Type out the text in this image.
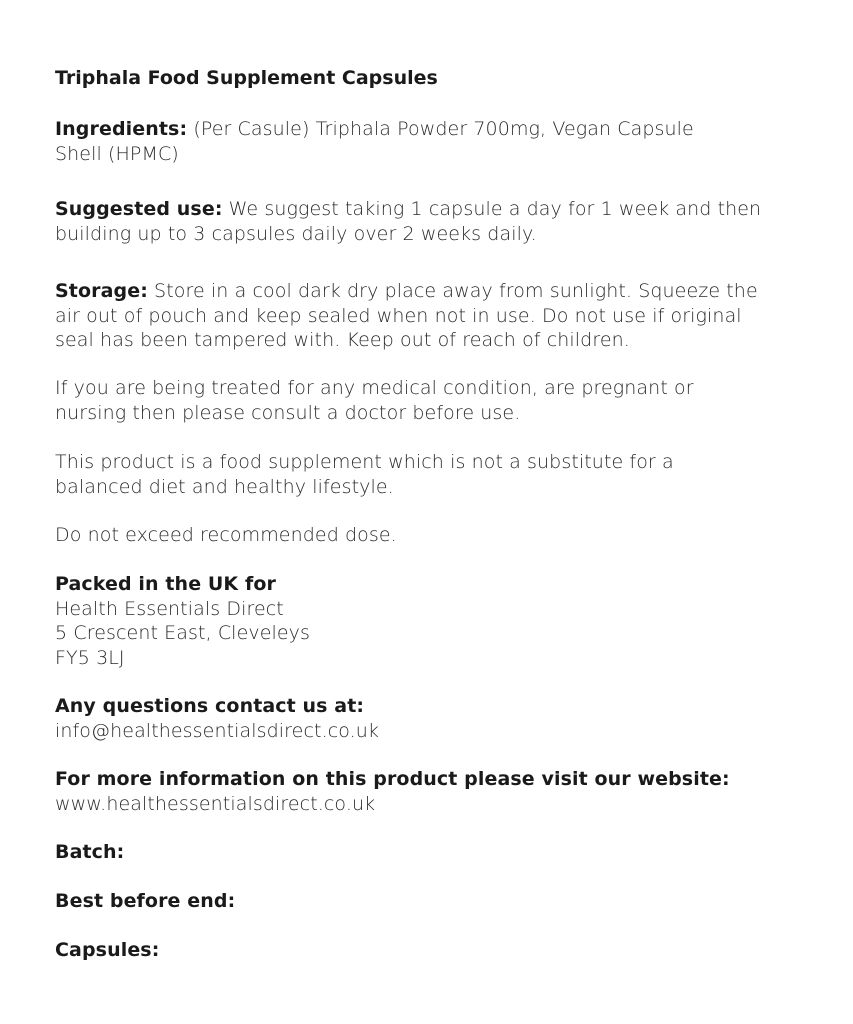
Triphala Food Supplement Capsules
Ingredients: (Per Casule) Triphala Powder 700mg, Vegan Capsule
Shell (HPMC)
Suggested use: We suggest taking 1 capsule a day for 1 week and then
building up to 3 capsules daily over 2 weeks daily.
Storage: Store in a cool dark dry place away from sunlight. Squeeze the
air out of pouch and keep sealed when not in use. Do not use if original
seal has been tampered with. Keep out of reach of children.
If you are being treated for any medical condition, are pregnant or
nursing then please consult a doctor before use.
This product is a food supplement which is not a substitute for a
balanced diet and healthy lifestyle.
Do not exceed recommended dose.
Packed in the UK for
Health Essentials Direct
5 Crescent East, Cleveleys
FY5 3LJ
Any questions contact us at:
info@healthessentialsdirect.co.uk
For more information on this product please visit our website:
www.healthessentialsdirect.co.uk
Batch:
Best before end:
Capsules:
